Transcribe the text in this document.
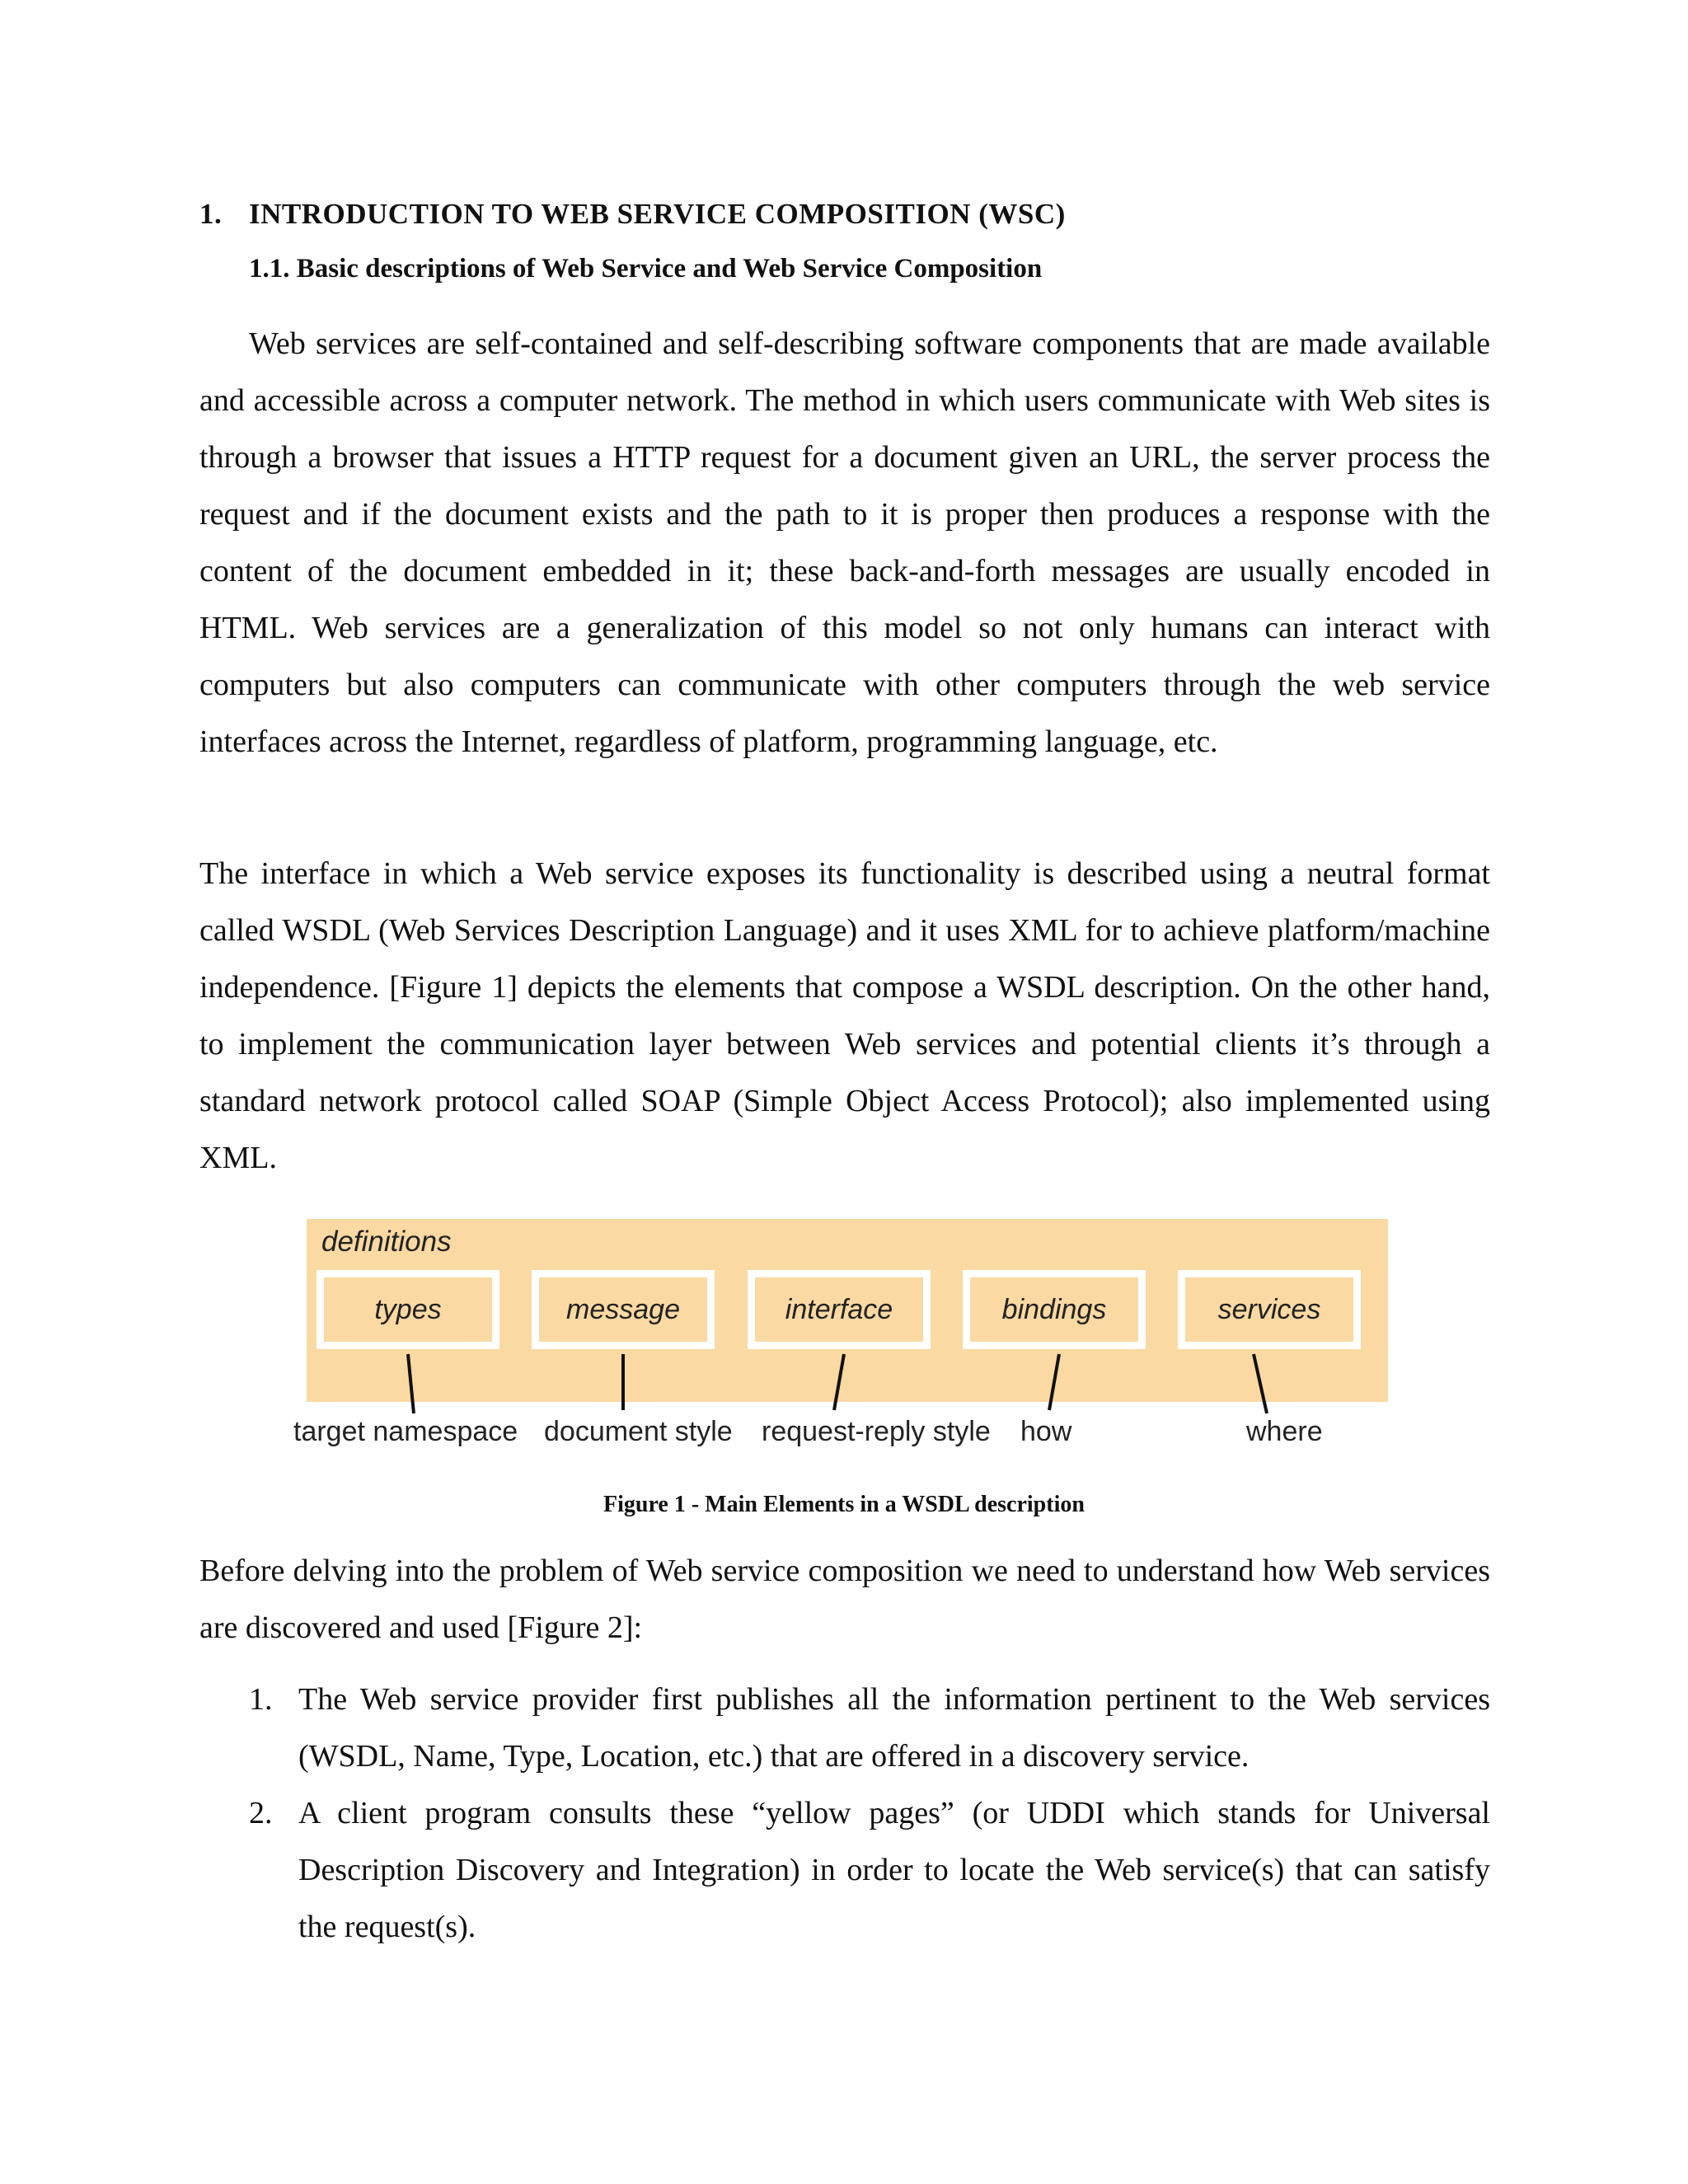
1. INTRODUCTION TO WEB SERVICE COMPOSITION (WSC)
1.1. Basic descriptions of Web Service and Web Service Composition

Web services are self-contained and self-describing software components that are made available and accessible across a computer network. The method in which users communicate with Web sites is through a browser that issues a HTTP request for a document given an URL, the server process the request and if the document exists and the path to it is proper then produces a response with the content of the document embedded in it; these back-and-forth messages are usually encoded in HTML. Web services are a generalization of this model so not only humans can interact with computers but also computers can communicate with other computers through the web service interfaces across the Internet, regardless of platform, programming language, etc.

The interface in which a Web service exposes its functionality is described using a neutral format called WSDL (Web Services Description Language) and it uses XML for to achieve platform/machine independence. [Figure 1] depicts the elements that compose a WSDL description. On the other hand, to implement the communication layer between Web services and potential clients it’s through a standard network protocol called SOAP (Simple Object Access Protocol); also implemented using XML.

definitions
types	message	interface	bindings	services
target namespace document style request-reply style how	where
Figure 1 - Main Elements in a WSDL description

Before delving into the problem of Web service composition we need to understand how Web services are discovered and used [Figure 2]:

1. The Web service provider first publishes all the information pertinent to the Web services (WSDL, Name, Type, Location, etc.) that are offered in a discovery service.
2. A client program consults these “yellow pages” (or UDDI which stands for Universal Description Discovery and Integration) in order to locate the Web service(s) that can satisfy the request(s).
